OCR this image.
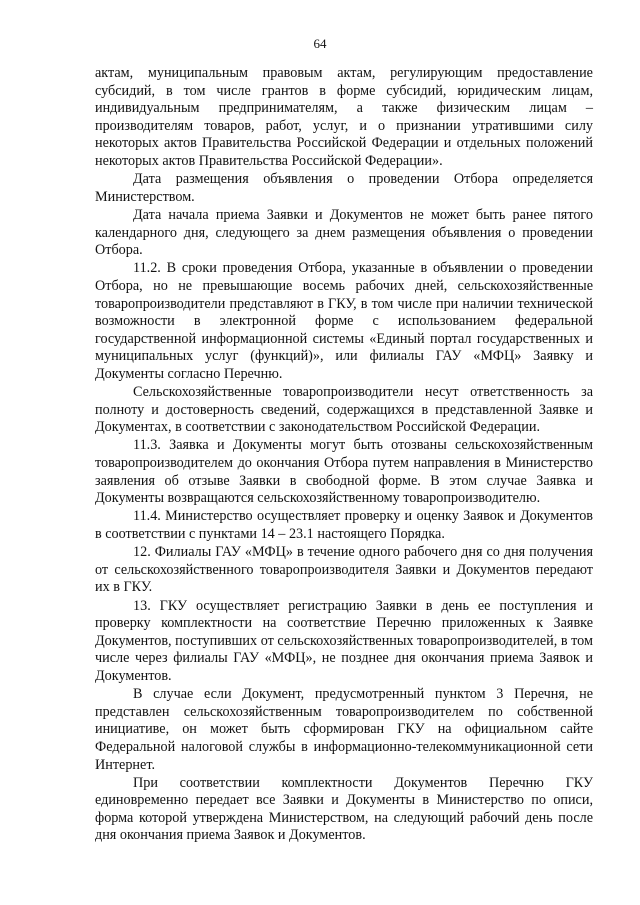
64

актам, муниципальным правовым актам, регулирующим предоставление субсидий, в том числе грантов в форме субсидий, юридическим лицам, индивидуальным предпринимателям, а также физическим лицам – производителям товаров, работ, услуг, и о признании утратившими силу некоторых актов Правительства Российской Федерации и отдельных положений некоторых актов Правительства Российской Федерации».

Дата размещения объявления о проведении Отбора определяется Министерством.

Дата начала приема Заявки и Документов не может быть ранее пятого календарного дня, следующего за днем размещения объявления о проведении Отбора.

11.2. В сроки проведения Отбора, указанные в объявлении о проведении Отбора, но не превышающие восемь рабочих дней, сельскохозяйственные товаропроизводители представляют в ГКУ, в том числе при наличии технической возможности в электронной форме с использованием федеральной государственной информационной системы «Единый портал государственных и муниципальных услуг (функций)», или филиалы ГАУ «МФЦ» Заявку и Документы согласно Перечню.

Сельскохозяйственные товаропроизводители несут ответственность за полноту и достоверность сведений, содержащихся в представленной Заявке и Документах, в соответствии с законодательством Российской Федерации.

11.3. Заявка и Документы могут быть отозваны сельскохозяйственным товаропроизводителем до окончания Отбора путем направления в Министерство заявления об отзыве Заявки в свободной форме. В этом случае Заявка и Документы возвращаются сельскохозяйственному товаропроизводителю.

11.4. Министерство осуществляет проверку и оценку Заявок и Документов в соответствии с пунктами 14 – 23.1 настоящего Порядка.

12. Филиалы ГАУ «МФЦ» в течение одного рабочего дня со дня получения от сельскохозяйственного товаропроизводителя Заявки и Документов передают их в ГКУ.

13. ГКУ осуществляет регистрацию Заявки в день ее поступления и проверку комплектности на соответствие Перечню приложенных к Заявке Документов, поступивших от сельскохозяйственных товаропроизводителей, в том числе через филиалы ГАУ «МФЦ», не позднее дня окончания приема Заявок и Документов.

В случае если Документ, предусмотренный пунктом 3 Перечня, не представлен сельскохозяйственным товаропроизводителем по собственной инициативе, он может быть сформирован ГКУ на официальном сайте Федеральной налоговой службы в информационно-телекоммуникационной сети Интернет.

При соответствии комплектности Документов Перечню ГКУ единовременно передает все Заявки и Документы в Министерство по описи, форма которой утверждена Министерством, на следующий рабочий день после дня окончания приема Заявок и Документов.
